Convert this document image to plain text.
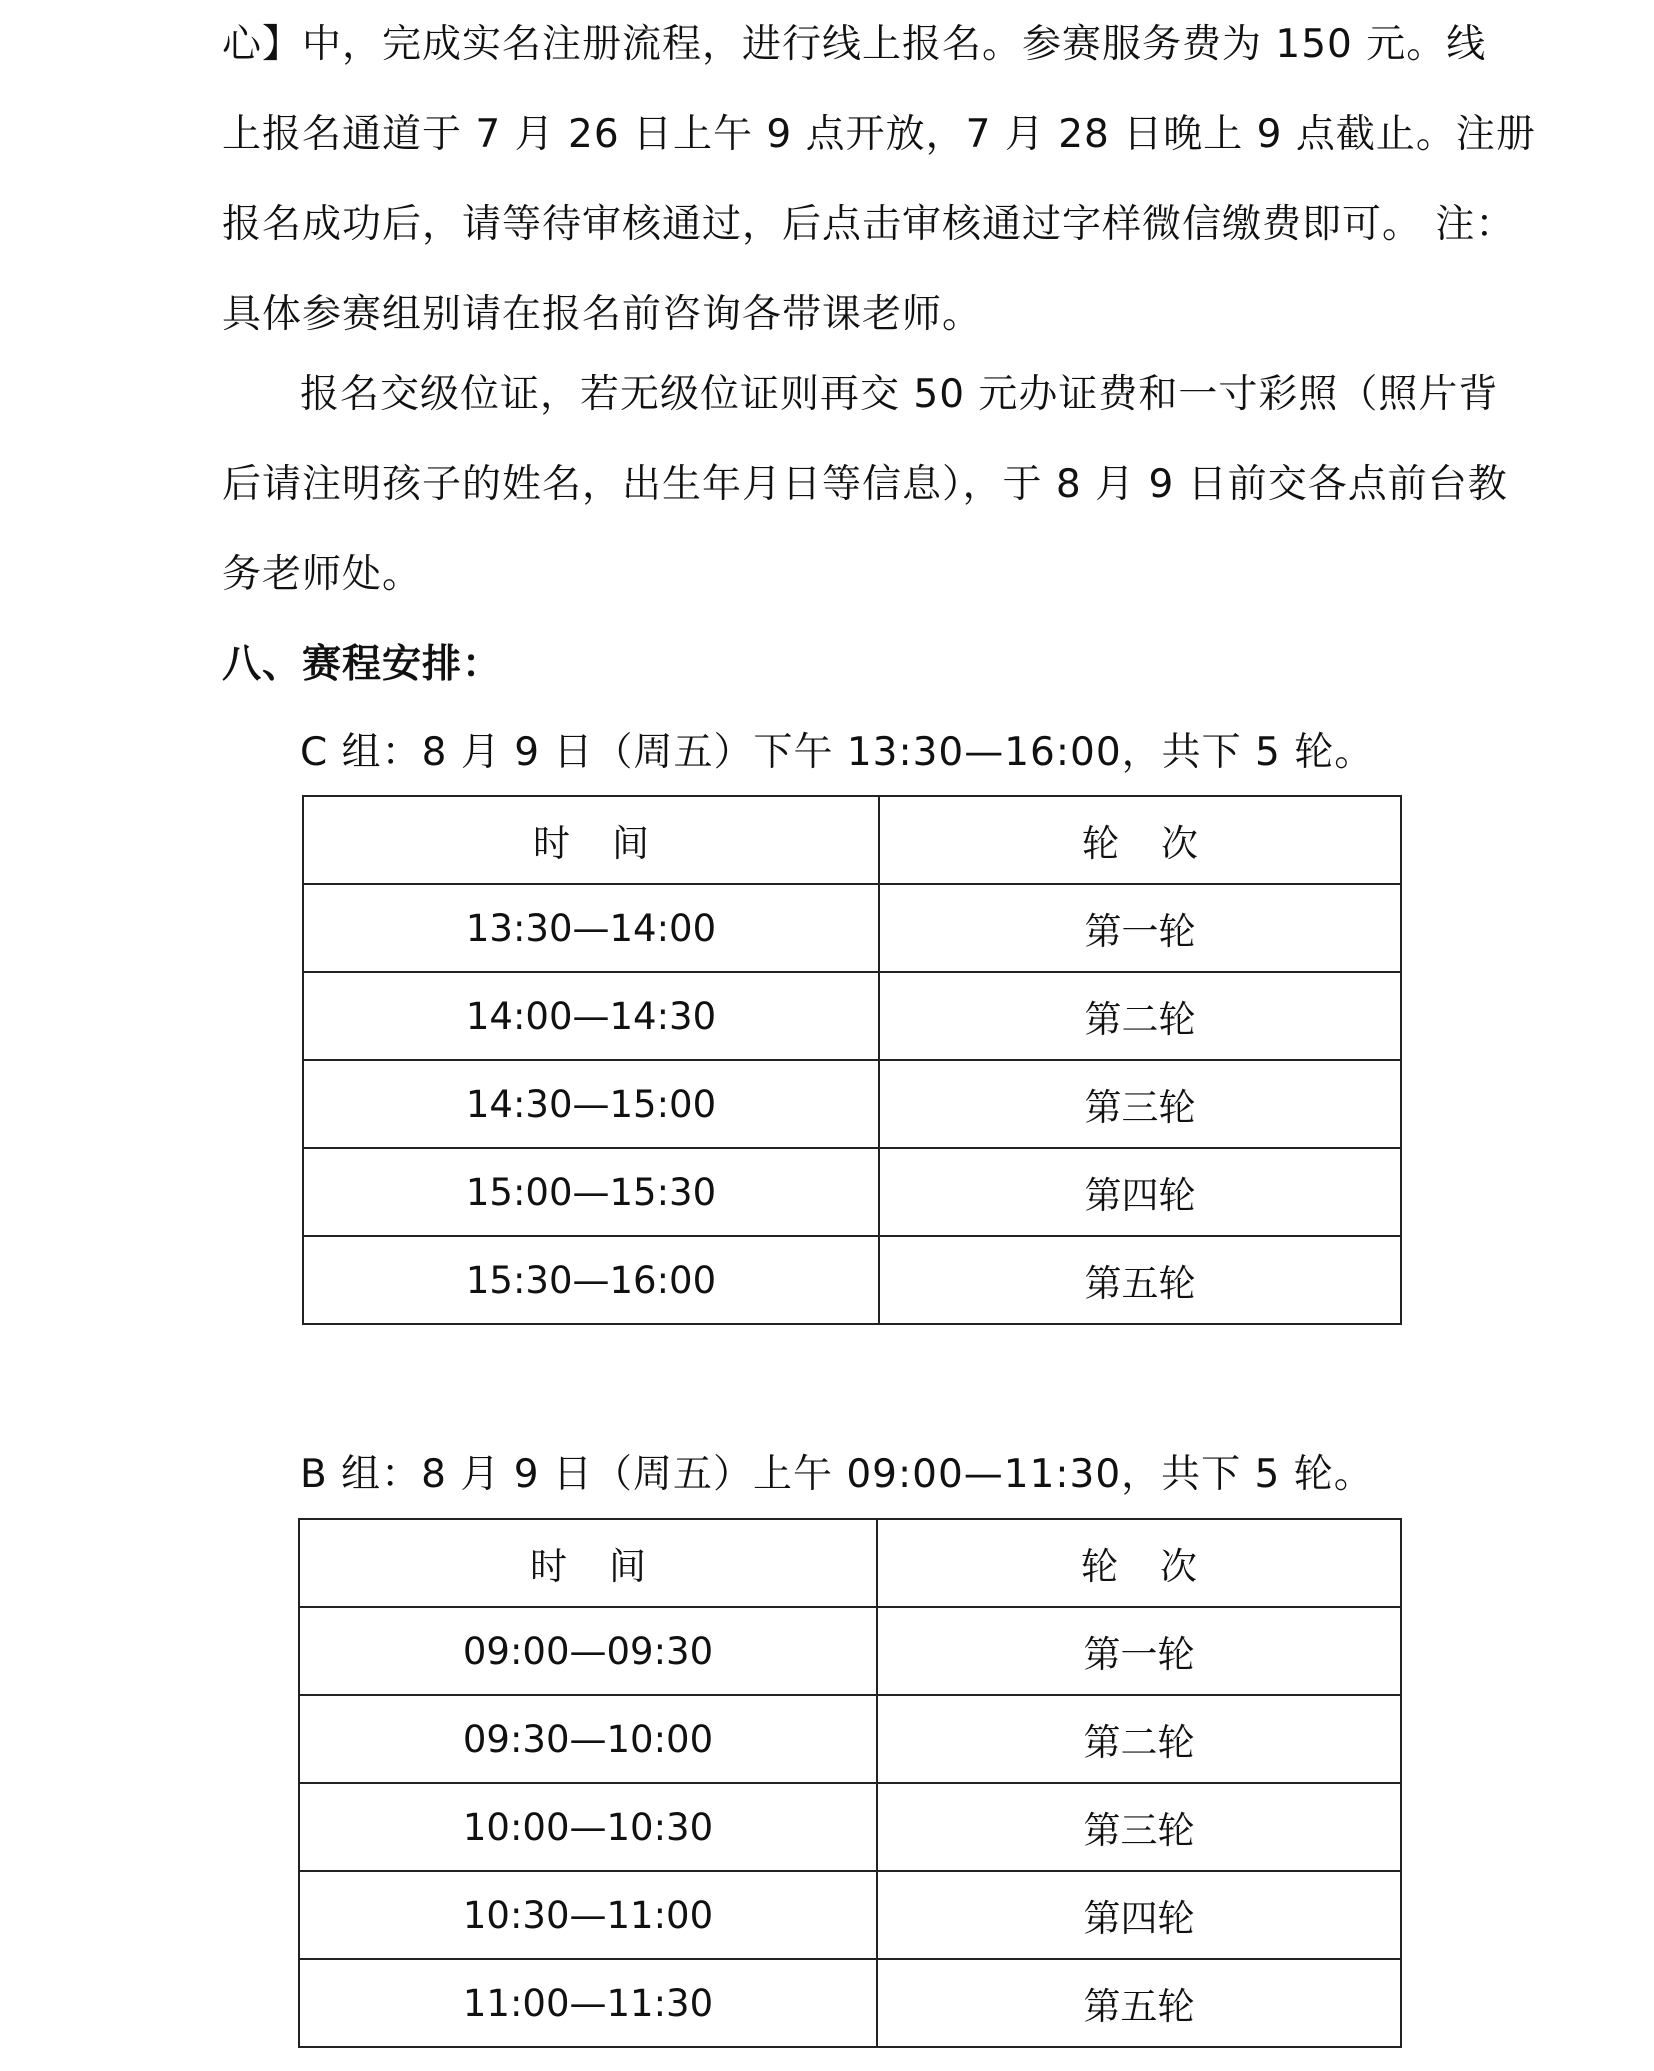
心】中，完成实名注册流程，进行线上报名。参赛服务费为 150 元。线
上报名通道于 7 月 26 日上午 9 点开放，7 月 28 日晚上 9 点截止。注册
报名成功后，请等待审核通过，后点击审核通过字样微信缴费即可。 注：
具体参赛组别请在报名前咨询各带课老师。
报名交级位证，若无级位证则再交 50 元办证费和一寸彩照（照片背
后请注明孩子的姓名，出生年月日等信息），于 8 月 9 日前交各点前台教
务老师处。
八、赛程安排：

C 组：8 月 9 日（周五）下午 13:30—16:00，共下 5 轮。

时 间	轮 次
13:30—14:00	第一轮
14:00—14:30	第二轮
14:30—15:00	第三轮
15:00—15:30	第四轮
15:30—16:00	第五轮

B 组：8 月 9 日（周五）上午 09:00—11:30，共下 5 轮。

时 间	轮 次
09:00—09:30	第一轮
09:30—10:00	第二轮
10:00—10:30	第三轮
10:30—11:00	第四轮
11:00—11:30	第五轮
